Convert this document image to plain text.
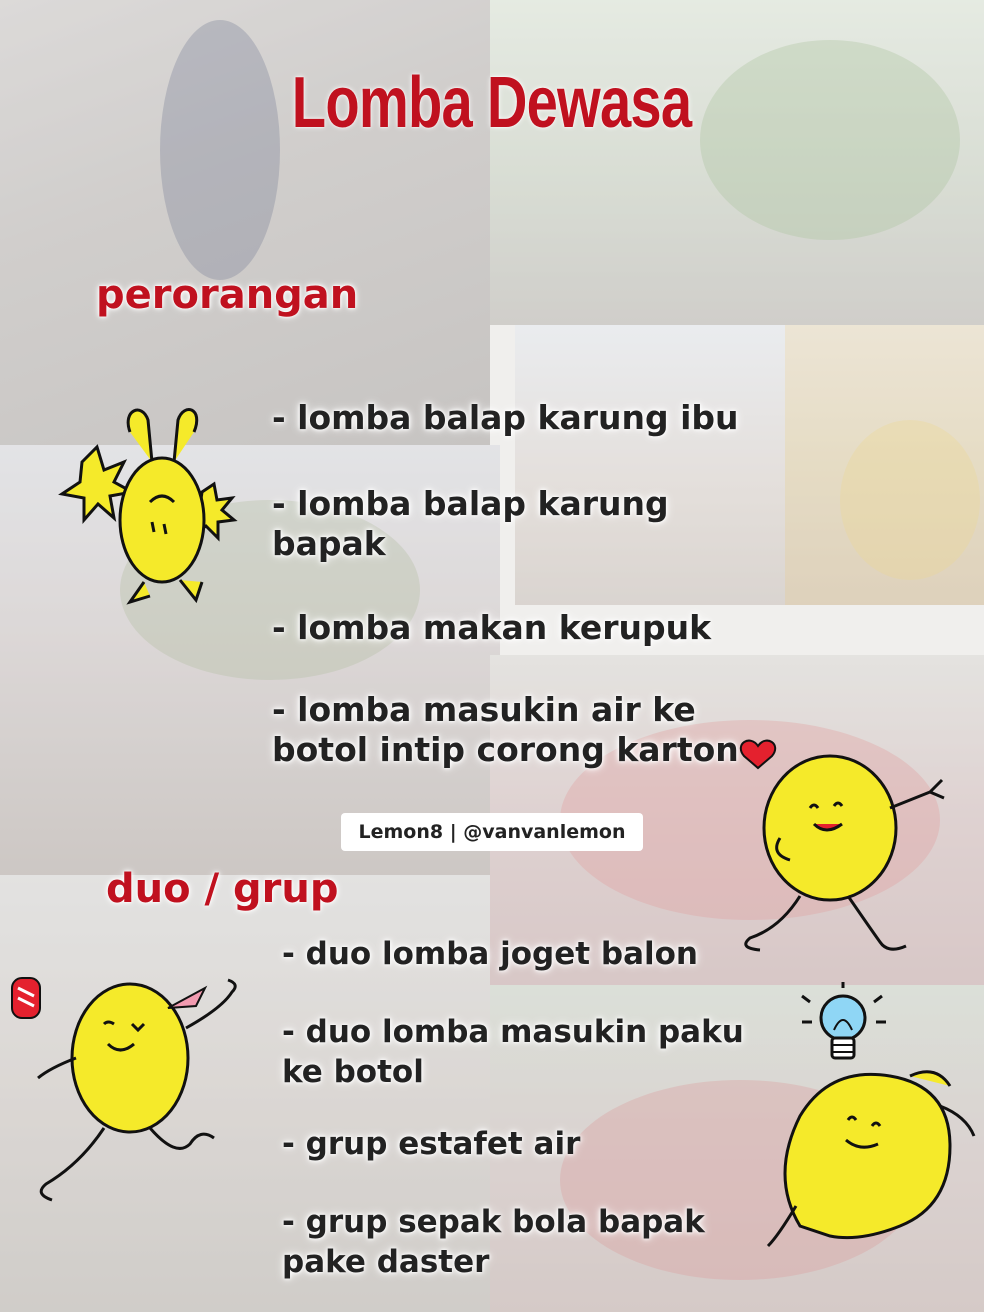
Lomba Dewasa
perorangan
- lomba balap karung ibu
- lomba balap karung bapak
- lomba makan kerupuk
- lomba masukin air ke botol intip corong karton
Lemon8 | @vanvanlemon
duo / grup
- duo lomba joget balon
- duo lomba masukin paku ke botol
- grup estafet air
- grup sepak bola bapak pake daster
